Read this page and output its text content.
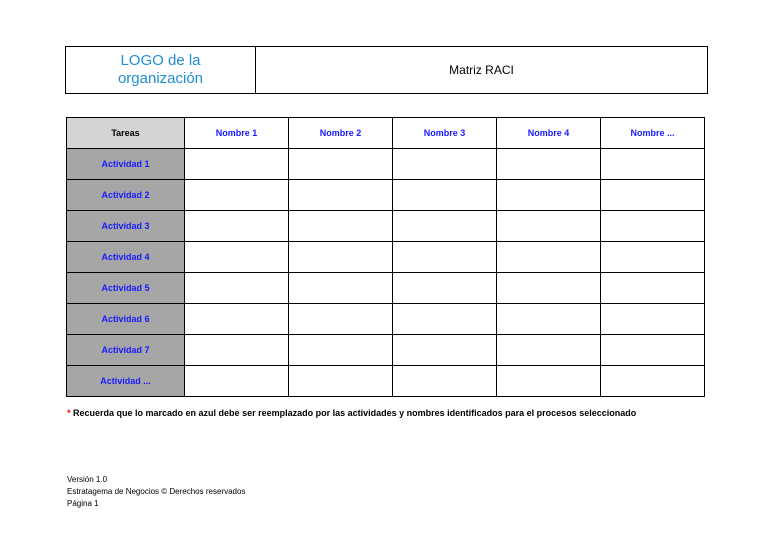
LOGO de la
organización	Matriz RACI
Tareas	Nombre 1	Nombre 2	Nombre 3	Nombre 4	Nombre ...
Actividad 1					
Actividad 2					
Actividad 3					
Actividad 4					
Actividad 5					
Actividad 6					
Actividad 7					
Actividad ...					
* Recuerda que lo marcado en azul debe ser reemplazado por las actividades y nombres identificados para el procesos seleccionado
Versión 1.0
Estratagema de Negocios © Derechos reservados
Página 1
